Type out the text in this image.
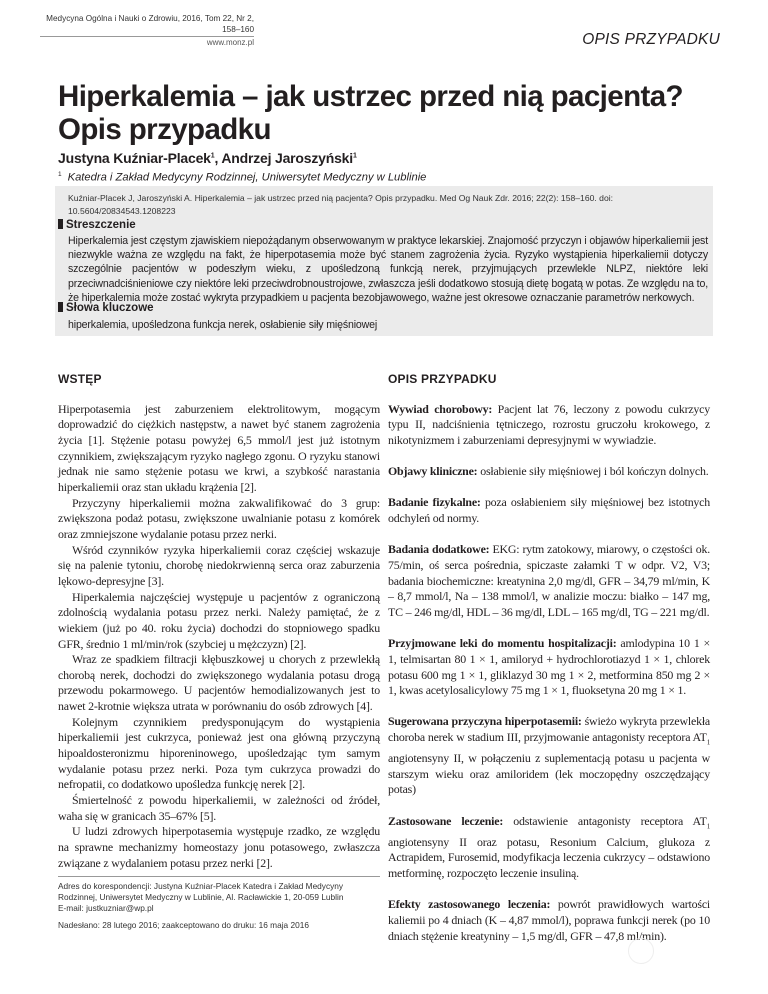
Medycyna Ogólna i Nauki o Zdrowiu, 2016, Tom 22, Nr 2, 158–160
www.monz.pl	OPIS PRZYPADKU
Hiperkalemia – jak ustrzec przed nią pacjenta? Opis przypadku
Justyna Kuźniar-Placek$^1$, Andrzej Jaroszyński$^1$
$^1$ Katedra i Zakład Medycyny Rodzinnej, Uniwersytet Medyczny w Lublinie
Kuźniar-Placek J, Jaroszyński A. Hiperkalemia – jak ustrzec przed nią pacjenta? Opis przypadku. Med Og Nauk Zdr. 2016; 22(2): 158–160. doi: 10.5604/20834543.1208223
Streszczenie
Hiperkalemia jest częstym zjawiskiem niepożądanym obserwowanym w praktyce lekarskiej. Znajomość przyczyn i objawów hiperkaliemii jest niezwykle ważna ze względu na fakt, że hiperpotasemia może być stanem zagrożenia życia. Ryzyko wystąpienia hiperkaliemii dotyczy szczególnie pacjentów w podeszłym wieku, z upośledzoną funkcją nerek, przyjmujących przewlekle NLPZ, niektóre leki przeciwnadciśnieniowe czy niektóre leki przeciwdrobnoustrojowe, zwłaszcza jeśli dodatkowo stosują dietę bogatą w potas. Ze względu na to, że hiperkalemia może zostać wykryta przypadkiem u pacjenta bezobjawowego, ważne jest okresowe oznaczanie parametrów nerkowych.
Słowa kluczowe
hiperkalemia, upośledzona funkcja nerek, osłabienie siły mięśniowej
WSTĘP

Hiperpotasemia jest zaburzeniem elektrolitowym, mogącym doprowadzić do ciężkich następstw, a nawet być stanem zagrożenia życia [1]. Stężenie potasu powyżej 6,5 mmol/l jest już istotnym czynnikiem, zwiększającym ryzyko nagłego zgonu. O ryzyku stanowi jednak nie samo stężenie potasu we krwi, a szybkość narastania hiperkaliemii oraz stan układu krążenia [2].

Przyczyny hiperkaliemii można zakwalifikować do 3 grup: zwiększona podaż potasu, zwiększone uwalnianie potasu z komórek oraz zmniejszone wydalanie potasu przez nerki.

Wśród czynników ryzyka hiperkaliemii coraz częściej wskazuje się na palenie tytoniu, chorobę niedokrwienną serca oraz zaburzenia lękowo-depresyjne [3].

Hiperkalemia najczęściej występuje u pacjentów z ograniczoną zdolnością wydalania potasu przez nerki. Należy pamiętać, że z wiekiem (już po 40. roku życia) dochodzi do stopniowego spadku GFR, średnio 1 ml/min/rok (szybciej u mężczyzn) [2].

Wraz ze spadkiem filtracji kłębuszkowej u chorych z przewlekłą chorobą nerek, dochodzi do zwiększonego wydalania potasu drogą przewodu pokarmowego. U pacjentów hemodializowanych jest to nawet 2-krotnie większa utrata w porównaniu do osób zdrowych [4].

Kolejnym czynnikiem predysponującym do wystąpienia hiperkaliemii jest cukrzyca, ponieważ jest ona główną przyczyną hipoaldosteronizmu hiporeninowego, upośledzając tym samym wydalanie potasu przez nerki. Poza tym cukrzyca prowadzi do nefropatii, co dodatkowo upośledza funkcję nerek [2].

Śmiertelność z powodu hiperkaliemii, w zależności od źródeł, waha się w granicach 35–67% [5].

U ludzi zdrowych hiperpotasemia występuje rzadko, ze względu na sprawne mechanizmy homeostazy jonu potasowego, zwłaszcza związane z wydalaniem potasu przez nerki [2].

Adres do korespondencji: Justyna Kuźniar-Placek Katedra i Zakład Medycyny Rodzinnej, Uniwersytet Medyczny w Lublinie, Al. Racławickie 1, 20-059 Lublin
E-mail: justkuzniar@wp.pl
Nadesłano: 28 lutego 2016; zaakceptowano do druku: 16 maja 2016
OPIS PRZYPADKU

Wywiad chorobowy: Pacjent lat 76, leczony z powodu cukrzycy typu II, nadciśnienia tętniczego, rozrostu gruczołu krokowego, z nikotynizmem i zaburzeniami depresyjnymi w wywiadzie.

Objawy kliniczne: osłabienie siły mięśniowej i ból kończyn dolnych.

Badanie fizykalne: poza osłabieniem siły mięśniowej bez istotnych odchyleń od normy.

Badania dodatkowe: EKG: rytm zatokowy, miarowy, o częstości ok. 75/min, oś serca pośrednia, spiczaste załamki T w odpr. V2, V3; badania biochemiczne: kreatynina 2,0 mg/dl, GFR – 34,79 ml/min, K – 8,7 mmol/l, Na – 138 mmol/l, w analizie moczu: białko – 147 mg, TC – 246 mg/dl, HDL – 36 mg/dl, LDL – 165 mg/dl, TG – 221 mg/dl.

Przyjmowane leki do momentu hospitalizacji: amlodypina 10 1 × 1, telmisartan 80 1 × 1, amiloryd + hydrochlorotiazyd 1 × 1, chlorek potasu 600 mg 1 × 1, gliklazyd 30 mg 1 × 2, metformina 850 mg 2 × 1, kwas acetylosalicylowy 75 mg 1 × 1, fluoksetyna 20 mg 1 × 1.

Sugerowana przyczyna hiperpotasemii: świeżo wykryta przewlekła choroba nerek w stadium III, przyjmowanie antagonisty receptora $AT_1$ angiotensyny II, w połączeniu z suplementacją potasu u pacjenta w starszym wieku oraz amiloridem (lek moczopędny oszczędzający potas)

Zastosowane leczenie: odstawienie antagonisty receptora $AT_1$ angiotensyny II oraz potasu, Resonium Calcium, glukoza z Actrapidem, Furosemid, modyfikacja leczenia cukrzycy – odstawiono metforminę, rozpoczęto leczenie insuliną.

Efekty zastosowanego leczenia: powrót prawidłowych wartości kaliemii po 4 dniach (K – 4,87 mmol/l), poprawa funkcji nerek (po 10 dniach stężenie kreatyniny – 1,5 mg/dl, GFR – 47,8 ml/min).
